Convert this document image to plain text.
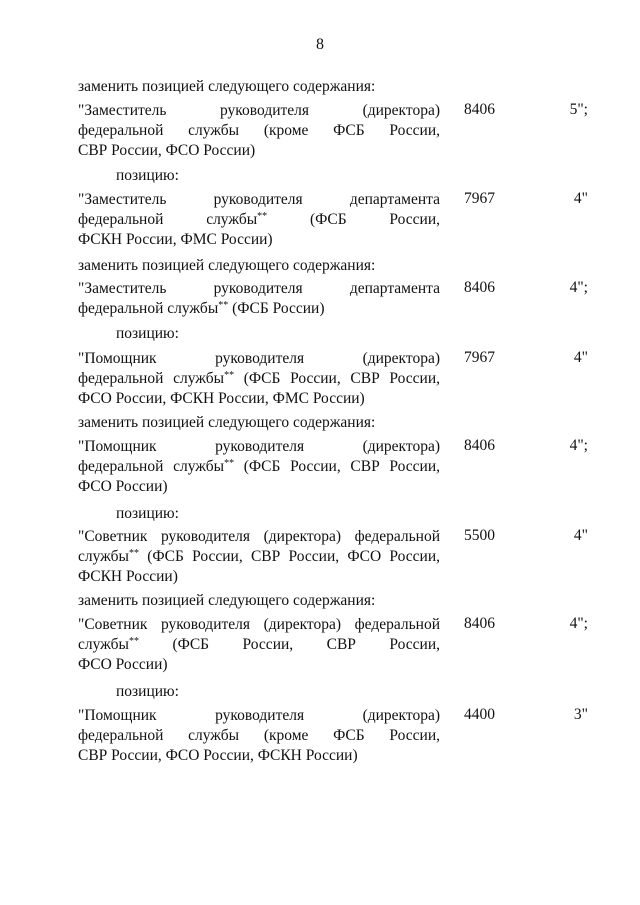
8
заменить позицией следующего содержания:
"Заместитель руководителя (директора)
федеральной службы (кроме ФСБ России,
СВР России, ФСО России)
8406	5";
позицию:
"Заместитель руководителя департамента
федеральной службы** (ФСБ России,
ФСКН России, ФМС России)
7967	4"
заменить позицией следующего содержания:
"Заместитель руководителя департамента
федеральной службы** (ФСБ России)
8406	4";
позицию:
"Помощник руководителя (директора)
федеральной службы** (ФСБ России, СВР России,
ФСО России, ФСКН России, ФМС России)
7967	4"
заменить позицией следующего содержания:
"Помощник руководителя (директора)
федеральной службы** (ФСБ России, СВР России,
ФСО России)
8406	4";
позицию:
"Советник руководителя (директора) федеральной
службы** (ФСБ России, СВР России, ФСО России,
ФСКН России)
5500	4"
заменить позицией следующего содержания:
"Советник руководителя (директора) федеральной
службы** (ФСБ России, СВР России,
ФСО России)
8406	4";
позицию:
"Помощник руководителя (директора)
федеральной службы (кроме ФСБ России,
СВР России, ФСО России, ФСКН России)
4400	3"
